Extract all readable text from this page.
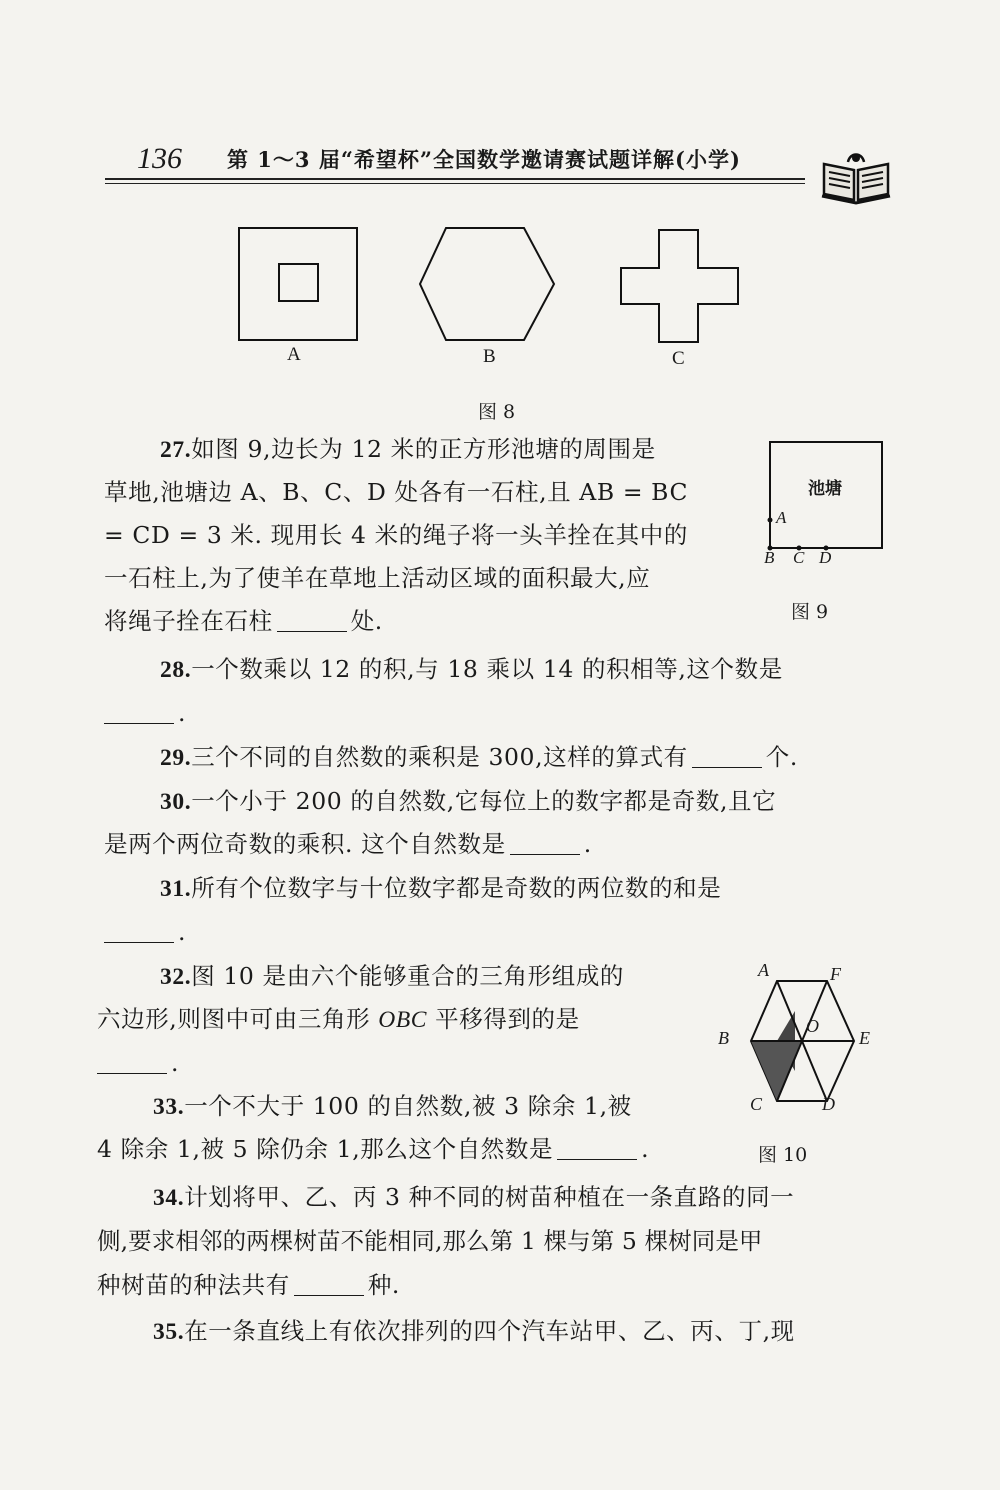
136 第 1～3 届“希望杯”全国数学邀请赛试题详解(小学)
A	B	C
图 8
27.如图 9,边长为 12 米的正方形池塘的周围是
草地,池塘边 A、B、C、D 处各有一石柱,且 AB = BC
= CD = 3 米. 现用长 4 米的绳子将一头羊拴在其中的
一石柱上,为了使羊在草地上活动区域的面积最大,应
将绳子拴在石柱	处.
池塘
A
B C D
图 9
28.一个数乘以 12 的积,与 18 乘以 14 的积相等,这个数是
.
29.三个不同的自然数的乘积是 300,这样的算式有	个.
30.一个小于 200 的自然数,它每位上的数字都是奇数,且它
是两个两位奇数的乘积. 这个自然数是	.
31.所有个位数字与十位数字都是奇数的两位数的和是
.
32.图 10 是由六个能够重合的三角形组成的
六边形,则图中可由三角形 OBC 平移得到的是
.
A	F
B
O
E
C	D
图 10
33.一个不大于 100 的自然数,被 3 除余 1,被
4 除余 1,被 5 除仍余 1,那么这个自然数是	.
34.计划将甲、乙、丙 3 种不同的树苗种植在一条直路的同一
侧,要求相邻的两棵树苗不能相同,那么第 1 棵与第 5 棵树同是甲
种树苗的种法共有	种.
35.在一条直线上有依次排列的四个汽车站甲、乙、丙、丁,现
